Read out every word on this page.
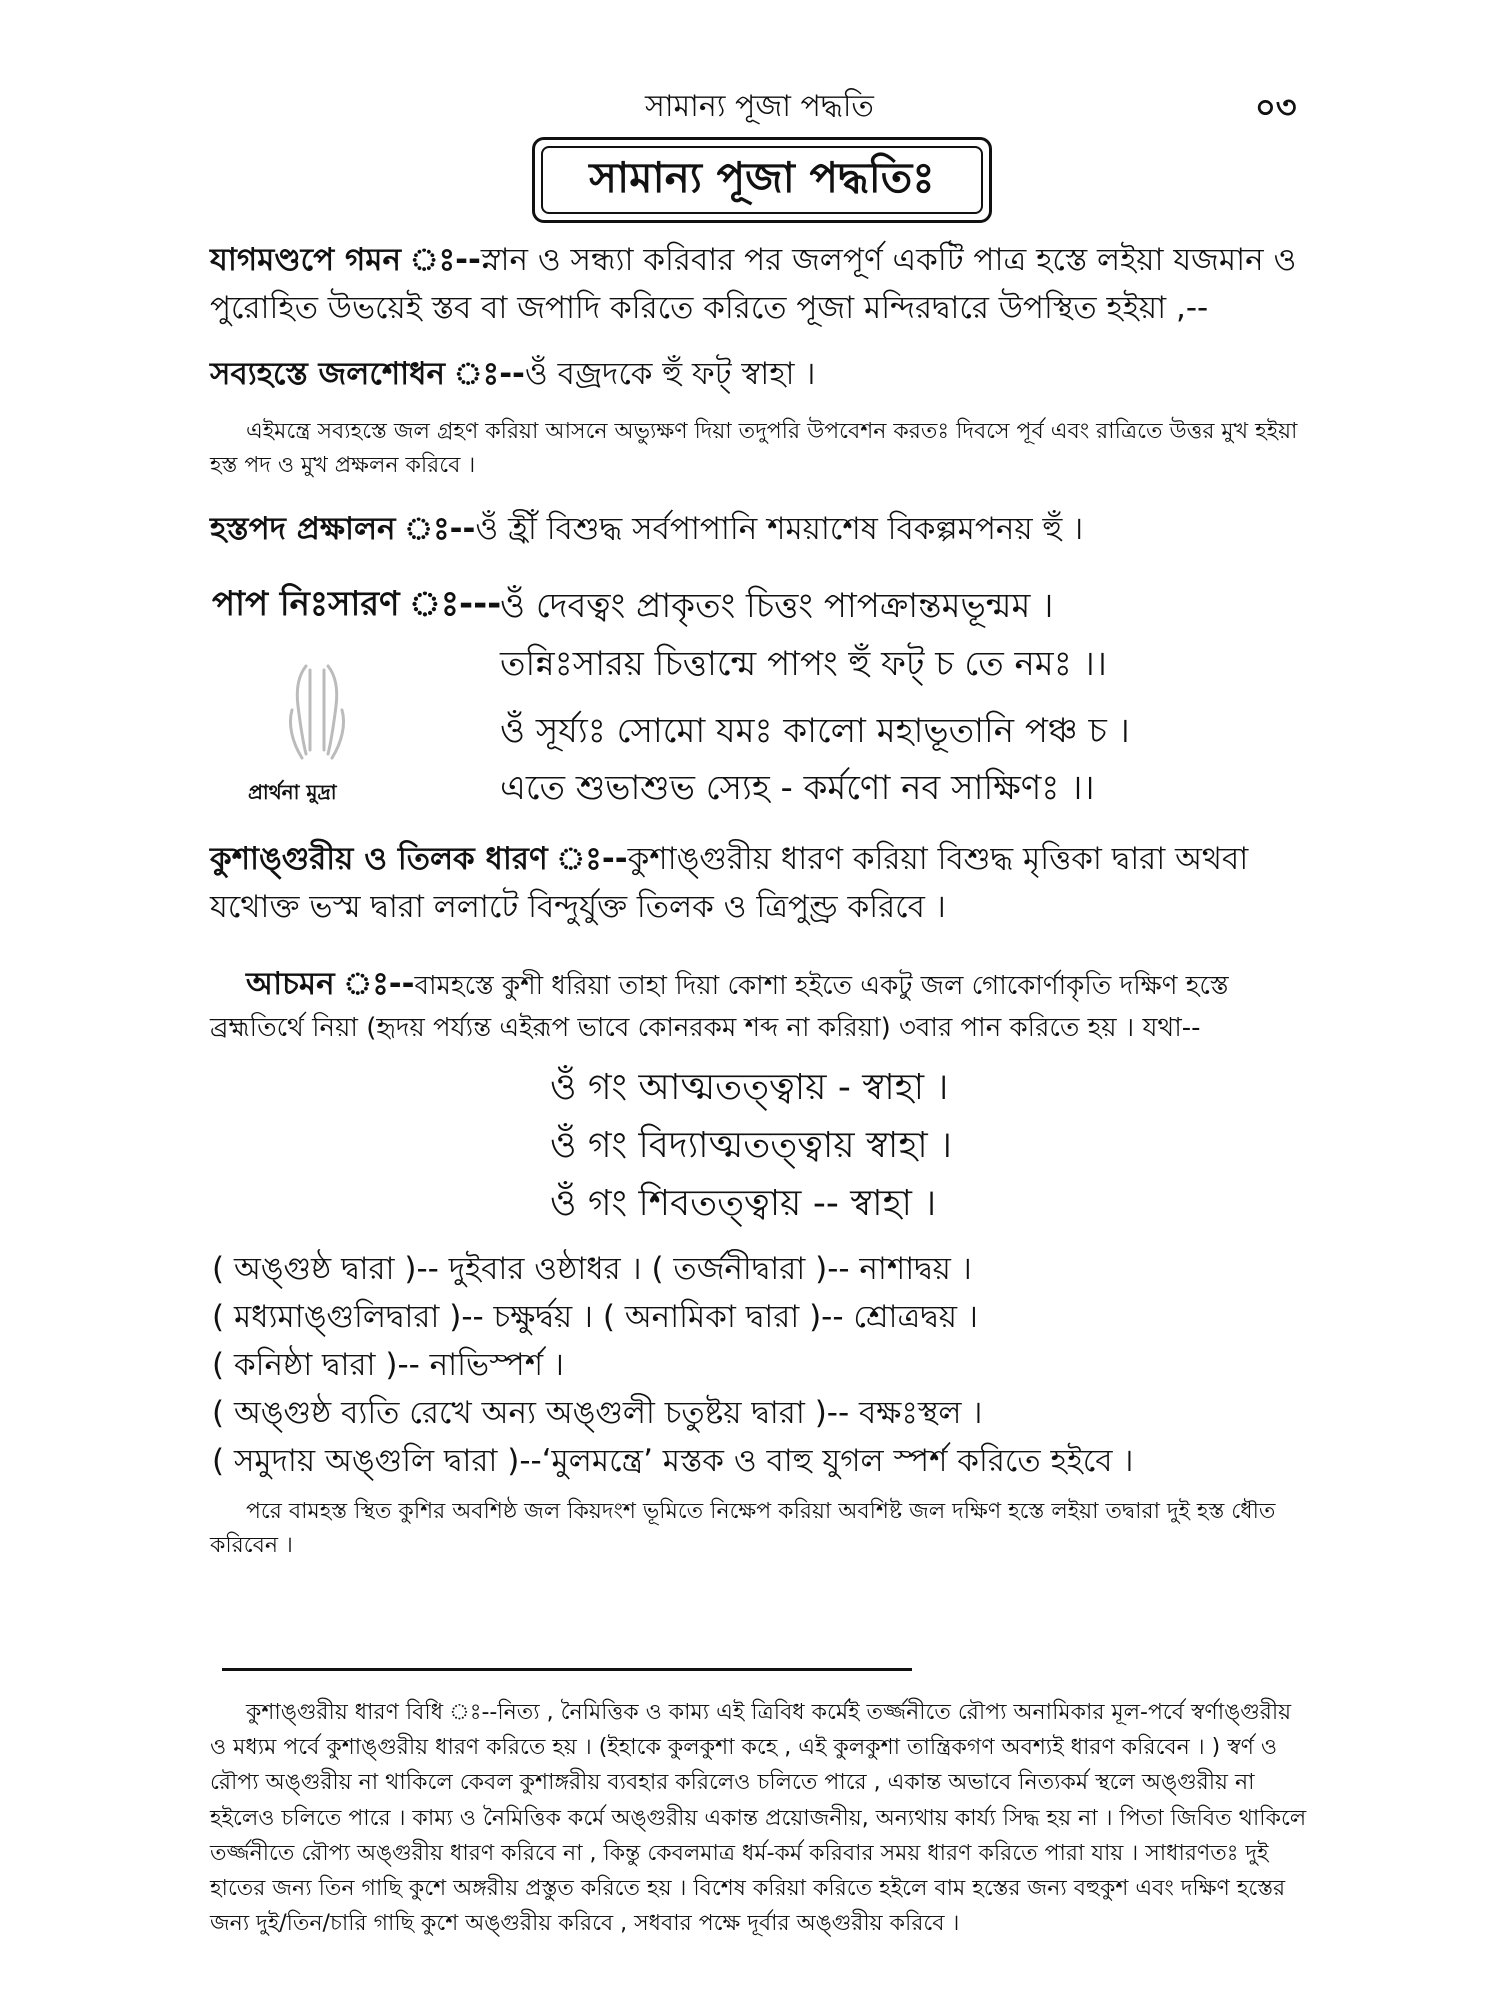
সামান্য পূজা পদ্ধতি	০৩
সামান্য পূজা পদ্ধতিঃ
যাগমণ্ডপে গমন ঃ--স্নান ও সন্ধ্যা করিবার পর জলপূর্ণ একটি পাত্র হস্তে লইয়া যজমান ও পুরোহিত উভয়েই স্তব বা জপাদি করিতে করিতে পূজা মন্দিরদ্বারে উপস্থিত হইয়া ,--
সব্যহস্তে জলশোধন ঃ--ওঁ বজ্রদকে হুঁ ফট্ স্বাহা ।
এইমন্ত্রে সব্যহস্তে জল গ্রহণ করিয়া আসনে অভ্যুক্ষণ দিয়া তদুপরি উপবেশন করতঃ দিবসে পূর্ব এবং রাত্রিতে উত্তর মুখ হইয়া হস্ত পদ ও মুখ প্রক্ষলন করিবে ।
হস্তপদ প্রক্ষালন ঃ--ওঁ হ্রীঁ বিশুদ্ধ সর্বপাপানি শময়াশেষ বিকল্পমপনয় হুঁ ।
পাপ নিঃসারণ ঃ---
ওঁ দেবত্বং প্রাকৃতং চিত্তং পাপক্রান্তমভূন্মম ।
তন্নিঃসারয় চিত্তান্মে পাপং হুঁ ফট্ চ তে নমঃ ।।
ওঁ সূর্য্যঃ সোমো যমঃ কালো মহাভূতানি পঞ্চ চ ।
এতে শুভাশুভ স্যেহ - কর্মণো নব সাক্ষিণঃ ।।
প্রার্থনা মুদ্রা
কুশাঙ্গুরীয় ও তিলক ধারণ ঃ--কুশাঙ্গুরীয় ধারণ করিয়া বিশুদ্ধ মৃত্তিকা দ্বারা অথবা যথোক্ত ভস্ম দ্বারা ললাটে বিন্দুর্যুক্ত তিলক ও ত্রিপুণ্ড্র করিবে ।
আচমন ঃ--বামহস্তে কুশী ধরিয়া তাহা দিয়া কোশা হইতে একটু জল গোকোর্ণাকৃতি দক্ষিণ হস্তে ব্রহ্মতির্থে নিয়া (হৃদয় পর্য্যন্ত এইরূপ ভাবে কোনরকম শব্দ না করিয়া) ৩বার পান করিতে হয় । যথা--
ওঁ গং আত্মতত্ত্বায় - স্বাহা ।
ওঁ গং বিদ্যাত্মতত্ত্বায় স্বাহা ।
ওঁ গং শিবতত্ত্বায় -- স্বাহা ।
( অঙ্গুষ্ঠ দ্বারা )-- দুইবার ওষ্ঠাধর । ( তর্জনীদ্বারা )-- নাশাদ্বয় ।
( মধ্যমাঙ্গুলিদ্বারা )-- চক্ষুর্দ্বয় । ( অনামিকা দ্বারা )-- শ্রোত্রদ্বয় ।
( কনিষ্ঠা দ্বারা )-- নাভিস্পর্শ ।
( অঙ্গুষ্ঠ ব্যতি রেখে অন্য অঙ্গুলী চতুষ্টয় দ্বারা )-- বক্ষঃস্থল ।
( সমুদায় অঙ্গুলি দ্বারা )--‘মুলমন্ত্রে’ মস্তক ও বাহু যুগল স্পর্শ করিতে হইবে ।
পরে বামহস্ত স্থিত কুশির অবশিষ্ঠ জল কিয়দংশ ভূমিতে নিক্ষেপ করিয়া অবশিষ্ট জল দক্ষিণ হস্তে লইয়া তদ্বারা দুই হস্ত ধৌত করিবেন ।
কুশাঙ্গুরীয় ধারণ বিধি ঃ--নিত্য , নৈমিত্তিক ও কাম্য এই ত্রিবিধ কর্মেই তর্জ্জনীতে রৌপ্য অনামিকার মূল-পর্বে স্বর্ণাঙ্গুরীয় ও মধ্যম পর্বে কুশাঙ্গুরীয় ধারণ করিতে হয় । (ইহাকে কুলকুশা কহে , এই কুলকুশা তান্ত্রিকগণ অবশ্যই ধারণ করিবেন । ) স্বর্ণ ও রৌপ্য অঙ্গুরীয় না থাকিলে কেবল কুশাঙ্গরীয় ব্যবহার করিলেও চলিতে পারে , একান্ত অভাবে নিত্যকর্ম স্থলে অঙ্গুরীয় না হইলেও চলিতে পারে । কাম্য ও নৈমিত্তিক কর্মে অঙ্গুরীয় একান্ত প্রয়োজনীয়, অন্যথায় কার্য্য সিদ্ধ হয় না । পিতা জিবিত থাকিলে তর্জ্জনীতে রৌপ্য অঙ্গুরীয় ধারণ করিবে না , কিন্তু কেবলমাত্র ধর্ম-কর্ম করিবার সময় ধারণ করিতে পারা যায় । সাধারণতঃ দুই হাতের জন্য তিন গাছি কুশে অঙ্গরীয় প্রস্তুত করিতে হয় । বিশেষ করিয়া করিতে হইলে বাম হস্তের জন্য বহুকুশ এবং দক্ষিণ হস্তের জন্য দুই/তিন/চারি গাছি কুশে অঙ্গুরীয় করিবে , সধবার পক্ষে দূর্বার অঙ্গুরীয় করিবে ।
